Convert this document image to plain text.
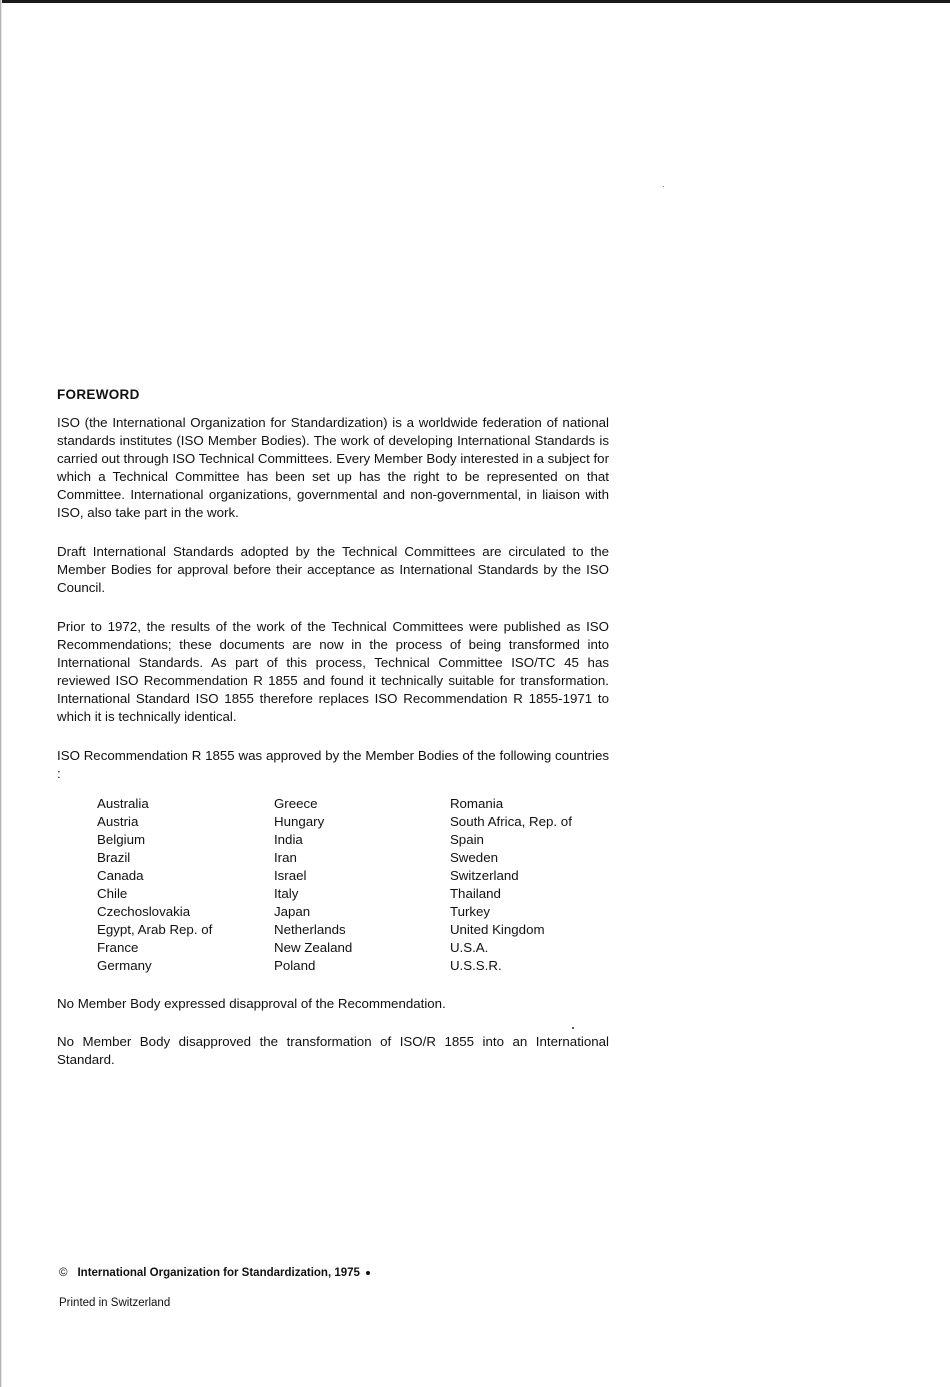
FOREWORD

ISO (the International Organization for Standardization) is a worldwide federation of national standards institutes (ISO Member Bodies). The work of developing International Standards is carried out through ISO Technical Committees. Every Member Body interested in a subject for which a Technical Committee has been set up has the right to be represented on that Committee. International organizations, governmental and non-governmental, in liaison with ISO, also take part in the work.

Draft International Standards adopted by the Technical Committees are circulated to the Member Bodies for approval before their acceptance as International Standards by the ISO Council.

Prior to 1972, the results of the work of the Technical Committees were published as ISO Recommendations; these documents are now in the process of being transformed into International Standards. As part of this process, Technical Committee ISO/TC 45 has reviewed ISO Recommendation R 1855 and found it technically suitable for transformation. International Standard ISO 1855 therefore replaces ISO Recommendation R 1855-1971 to which it is technically identical.

ISO Recommendation R 1855 was approved by the Member Bodies of the following countries :

Australia
Austria
Belgium
Brazil
Canada
Chile
Czechoslovakia
Egypt, Arab Rep. of
France
Germany
Greece
Hungary
India
Iran
Israel
Italy
Japan
Netherlands
New Zealand
Poland
Romania
South Africa, Rep. of
Spain
Sweden
Switzerland
Thailand
Turkey
United Kingdom
U.S.A.
U.S.S.R.

No Member Body expressed disapproval of the Recommendation.

No Member Body disapproved the transformation of ISO/R 1855 into an International Standard.

© International Organization for Standardization, 1975
Printed in Switzerland
